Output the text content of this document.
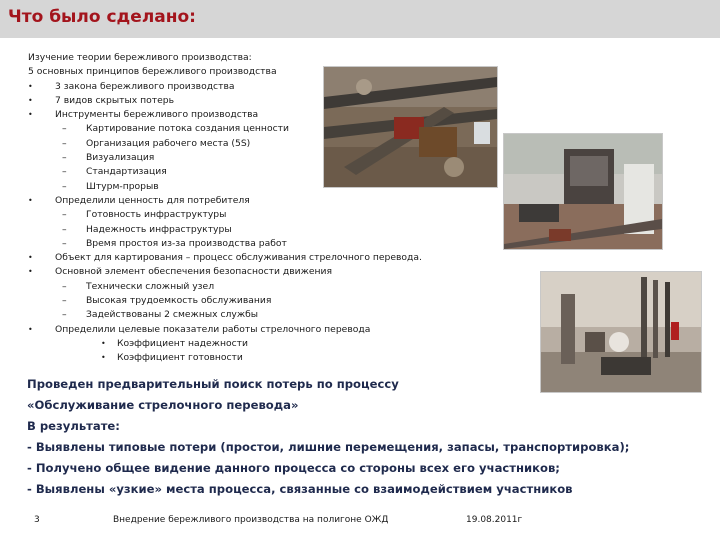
Что было сделано:
Изучение теории бережливого производства:
5 основных принципов бережливого производства
• 3 закона бережливого производства
• 7 видов скрытых потерь
• Инструменты бережливого производства
– Картирование потока создания ценности
– Организация рабочего места (5S)
– Визуализация
– Стандартизация
– Штурм-прорыв
• Определили ценность для потребителя
– Готовность инфраструктуры
– Надежность инфраструктуры
– Время простоя из-за производства работ
• Объект для картирования – процесс обслуживания стрелочного перевода.
• Основной элемент обеспечения безопасности движения
– Технически сложный узел
– Высокая трудоемкость обслуживания
– Задействованы 2 смежных службы
• Определили целевые показатели работы стрелочного перевода
• Коэффициент надежности
• Коэффициент готовности

Проведен предварительный поиск потерь по процессу

«Обслуживание стрелочного перевода»

В результате:

- Выявлены типовые потери (простои, лишние перемещения, запасы, транспортировка);

- Получено общее видение данного процесса со стороны всех его участников;

- Выявлены «узкие» места процесса, связанные со взаимодействием участников

3	Внедрение бережливого производства на полигоне ОЖД	19.08.2011г
